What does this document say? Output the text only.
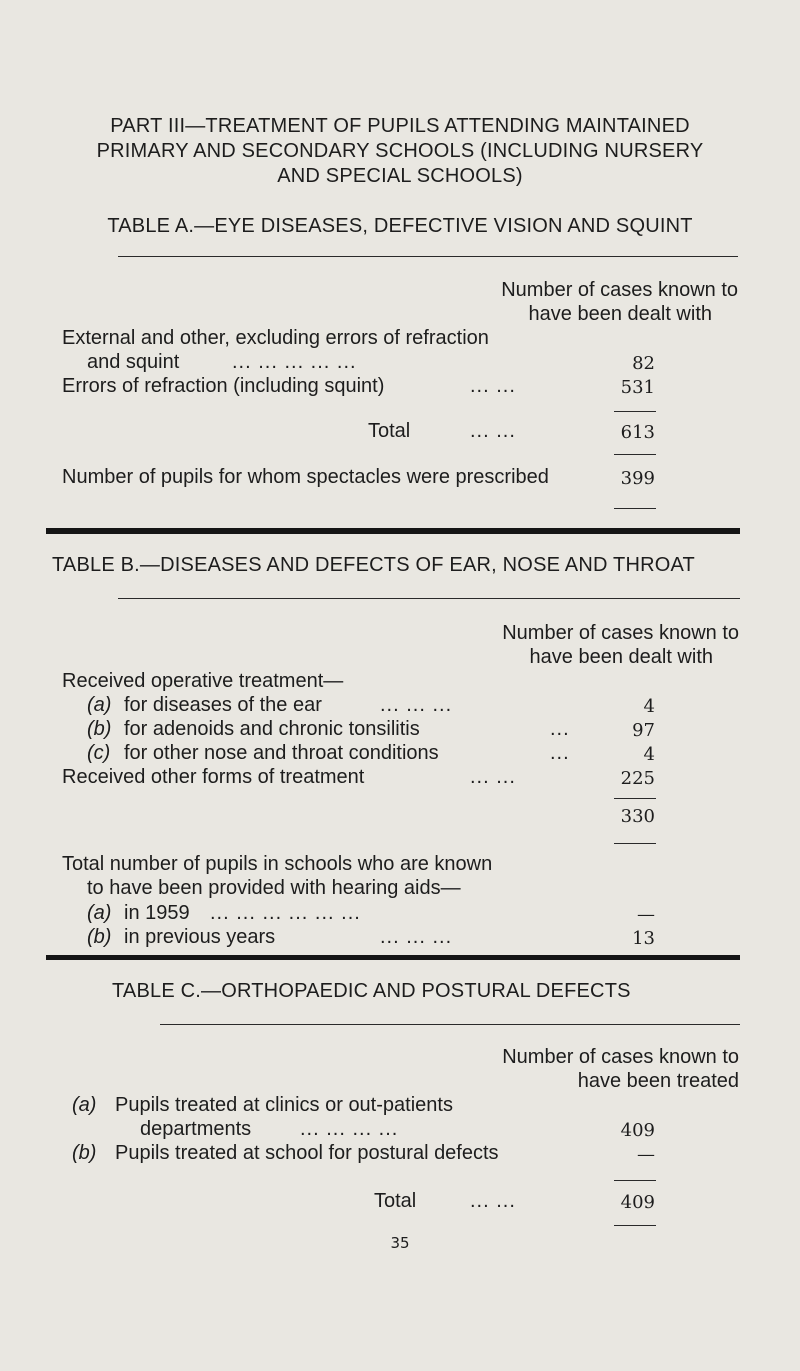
PART III—TREATMENT OF PUPILS ATTENDING MAINTAINED
PRIMARY AND SECONDARY SCHOOLS (INCLUDING NURSERY
AND SPECIAL SCHOOLS)
TABLE A.—EYE DISEASES, DEFECTIVE VISION AND SQUINT
Number of cases known to
have been dealt with
External and other, excluding errors of refraction
and squint	... ... ... ... ...	82
Errors of refraction (including squint)	... ...	531
Total	... ...	613
Number of pupils for whom spectacles were prescribed	399
TABLE B.—DISEASES AND DEFECTS OF EAR, NOSE AND THROAT
Number of cases known to
have been dealt with
Received operative treatment—
(a) for diseases of the ear	... ... ...	4
(b) for adenoids and chronic tonsilitis	...	97
(c) for other nose and throat conditions	...	4
Received other forms of treatment	... ...	225
330
Total number of pupils in schools who are known
to have been provided with hearing aids—
(a) in 1959 ... ... ... ... ... ...	—
(b) in previous years	... ... ...	13
TABLE C.—ORTHOPAEDIC AND POSTURAL DEFECTS
Number of cases known to
have been treated
(a) Pupils treated at clinics or out-patients
departments ... ... ... ...	409
(b) Pupils treated at school for postural defects	—
Total	... ...	409
35
